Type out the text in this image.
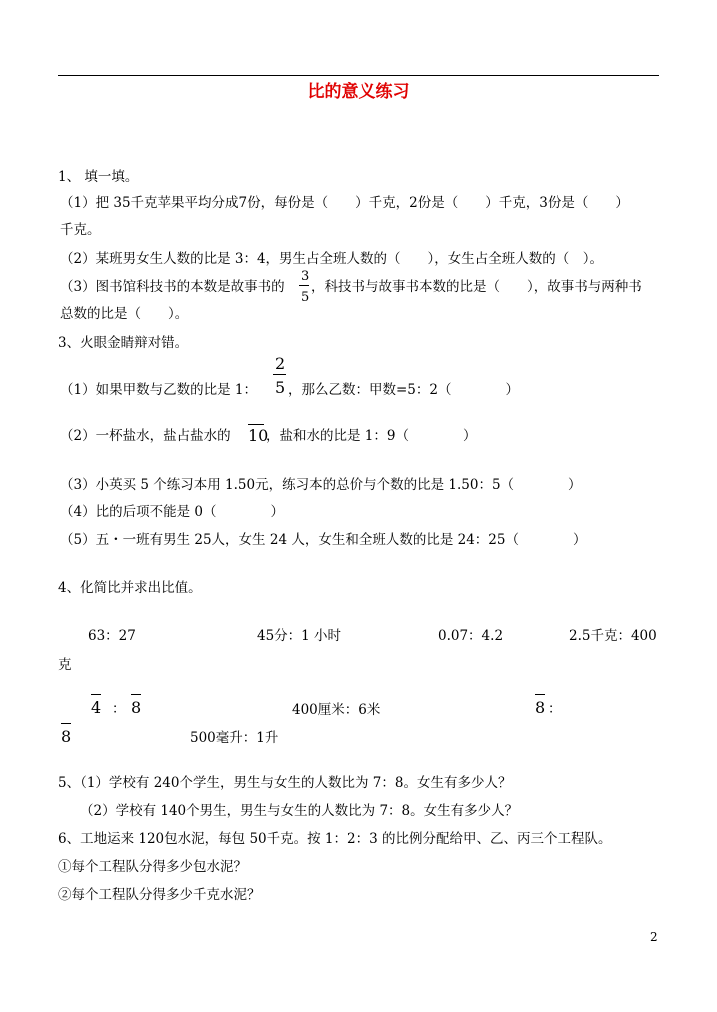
比的意义练习
1、 填一填。
（1）把 35千克苹果平均分成7份，每份是（　　）千克，2份是（　　）千克，3份是（　　）
千克。
（2）某班男女生人数的比是 3：4，男生占全班人数的（　　），女生占全班人数的（　）。
（3）图书馆科技书的本数是故事书的
3
5
，科技书与故事书本数的比是（　　），故事书与两种书
总数的比是（　　）。
3、火眼金睛辩对错。
（1）如果甲数与乙数的比是 1：
2
5 ，那么乙数：甲数=5：2（　　　　）
（2）一杯盐水，盐占盐水的 10
，盐和水的比是 1：9（　　　　）
（3）小英买 5 个练习本用 1.50元，练习本的总价与个数的比是 1.50：5（　　　　）
（4）比的后项不能是 0（　　　　）
（5）五・一班有男生 25人，女生 24 人，女生和全班人数的比是 24：25（　　　　）
4、化简比并求出比值。
63：27	45分：1 小时	0.07：4.2	2.5千克：400
克
4 ： 8	400厘米：6米	8 ：
8	500毫升：1升
5、（1）学校有 240个学生，男生与女生的人数比为 7：8。女生有多少人？
（2）学校有 140个男生，男生与女生的人数比为 7：8。女生有多少人？
6、工地运来 120包水泥，每包 50千克。按 1：2：3 的比例分配给甲、乙、丙三个工程队。
①每个工程队分得多少包水泥？
②每个工程队分得多少千克水泥？
2
